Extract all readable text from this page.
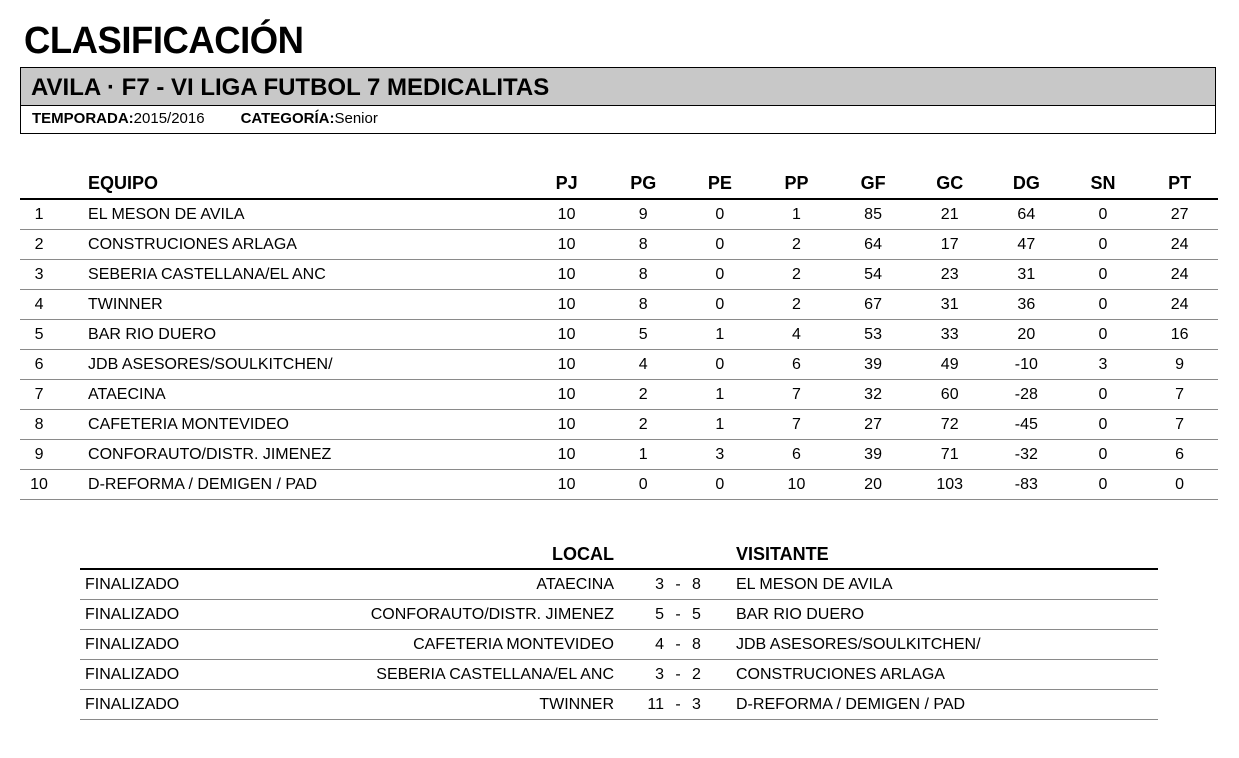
CLASIFICACIÓN
AVILA · F7 - VI LIGA FUTBOL 7 MEDICALITAS
TEMPORADA:2015/2016 CATEGORÍA:Senior
	EQUIPO	PJ	PG	PE	PP	GF	GC	DG	SN	PT
1	EL MESON DE AVILA	10	9	0	1	85	21	64	0	27
2	CONSTRUCIONES ARLAGA	10	8	0	2	64	17	47	0	24
3	SEBERIA CASTELLANA/EL ANC	10	8	0	2	54	23	31	0	24
4	TWINNER	10	8	0	2	67	31	36	0	24
5	BAR RIO DUERO	10	5	1	4	53	33	20	0	16
6	JDB ASESORES/SOULKITCHEN/	10	4	0	6	39	49	-10	3	9
7	ATAECINA	10	2	1	7	32	60	-28	0	7
8	CAFETERIA MONTEVIDEO	10	2	1	7	27	72	-45	0	7
9	CONFORAUTO/DISTR. JIMENEZ	10	1	3	6	39	71	-32	0	6
10	D-REFORMA / DEMIGEN / PAD	10	0	0	10	20	103	-83	0	0
	LOCAL				VISITANTE
FINALIZADO	ATAECINA	3	-	8	EL MESON DE AVILA
FINALIZADO	CONFORAUTO/DISTR. JIMENEZ	5	-	5	BAR RIO DUERO
FINALIZADO	CAFETERIA MONTEVIDEO	4	-	8	JDB ASESORES/SOULKITCHEN/
FINALIZADO	SEBERIA CASTELLANA/EL ANC	3	-	2	CONSTRUCIONES ARLAGA
FINALIZADO	TWINNER	11	-	3	D-REFORMA / DEMIGEN / PAD
